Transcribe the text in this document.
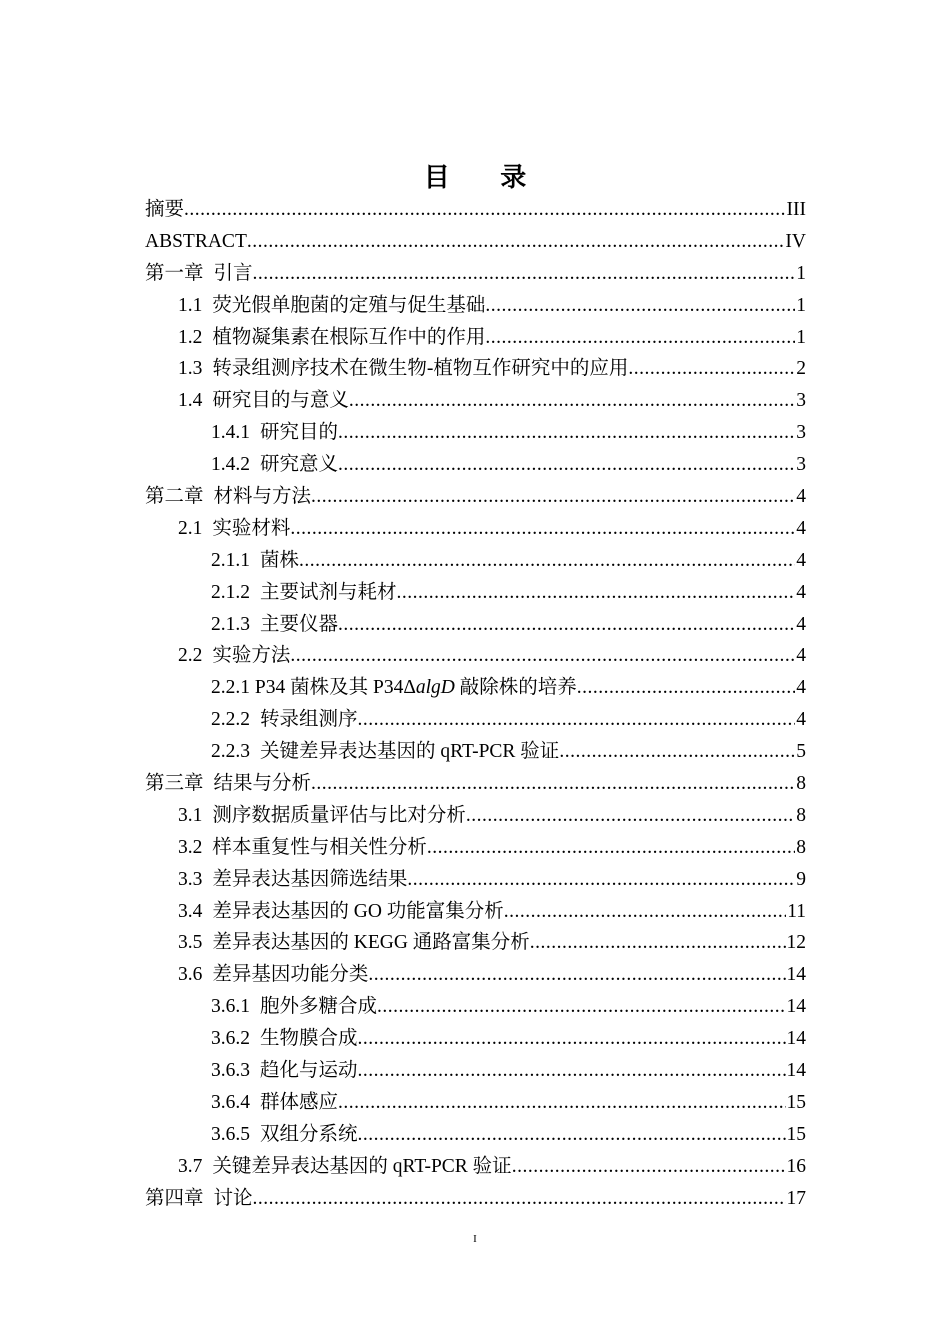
目 录
摘要 .....	III
ABSTRACT .....	IV
第一章 引言 .....	1
1.1 荧光假单胞菌的定殖与促生基础 .....	1
1.2 植物凝集素在根际互作中的作用 .....	1
1.3 转录组测序技术在微生物-植物互作研究中的应用 .....	2
1.4 研究目的与意义 .....	3
1.4.1 研究目的 .....	3
1.4.2 研究意义 .....	3
第二章 材料与方法 .....	4
2.1 实验材料 .....	4
2.1.1 菌株 .....	4
2.1.2 主要试剂与耗材 .....	4
2.1.3 主要仪器 .....	4
2.2 实验方法 .....	4
2.2.1 P34 菌株及其 P34ΔalgD 敲除株的培养 .....	4
2.2.2 转录组测序 .....	4
2.2.3 关键差异表达基因的 qRT-PCR 验证 .....	5
第三章 结果与分析 .....	8
3.1 测序数据质量评估与比对分析 .....	8
3.2 样本重复性与相关性分析 .....	8
3.3 差异表达基因筛选结果 .....	9
3.4 差异表达基因的 GO 功能富集分析 .....	11
3.5 差异表达基因的 KEGG 通路富集分析 .....	12
3.6 差异基因功能分类 .....	14
3.6.1 胞外多糖合成 .....	14
3.6.2 生物膜合成 .....	14
3.6.3 趋化与运动 .....	14
3.6.4 群体感应 .....	15
3.6.5 双组分系统 .....	15
3.7 关键差异表达基因的 qRT-PCR 验证 .....	16
第四章 讨论 .....	17
I
